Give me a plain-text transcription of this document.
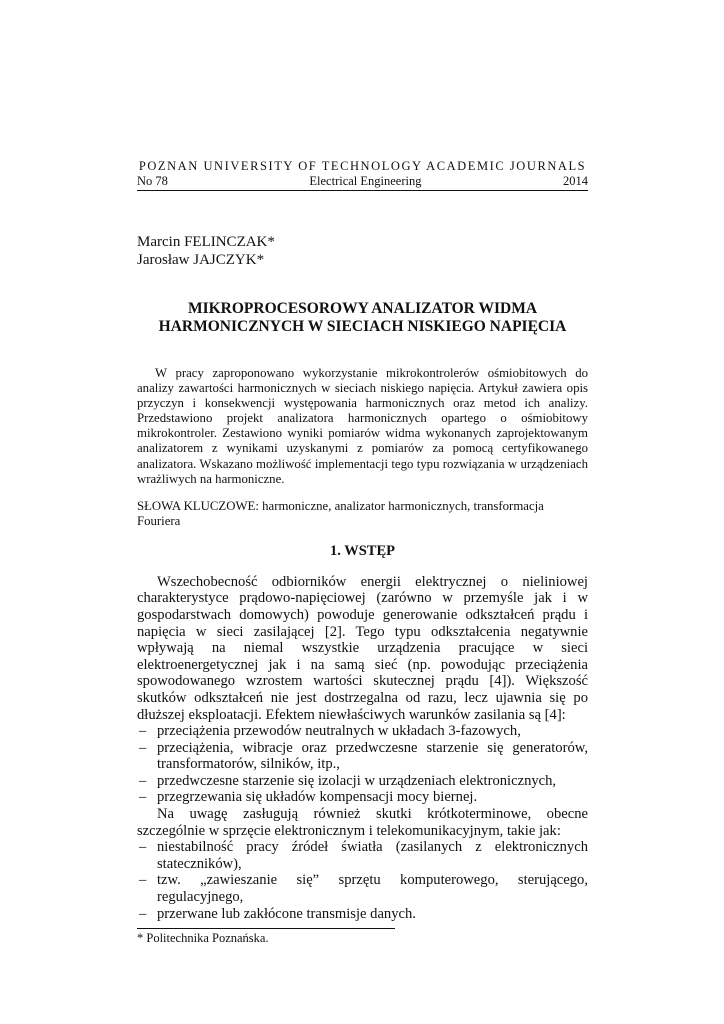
POZNAN UNIVERSITY OF TECHNOLOGY ACADEMIC JOURNALS
No 78	Electrical Engineering	2014
Marcin FELINCZAK*
Jarosław JAJCZYK*
MIKROPROCESOROWY ANALIZATOR WIDMA
HARMONICZNYCH W SIECIACH NISKIEGO NAPIĘCIA
W pracy zaproponowano wykorzystanie mikrokontrolerów ośmiobitowych do analizy zawartości harmonicznych w sieciach niskiego napięcia. Artykuł zawiera opis przyczyn i konsekwencji występowania harmonicznych oraz metod ich analizy. Przedstawiono projekt analizatora harmonicznych opartego o ośmiobitowy mikrokontroler. Zestawiono wyniki pomiarów widma wykonanych zaprojektowanym analizatorem z wynikami uzyskanymi z pomiarów za pomocą certyfikowanego analizatora. Wskazano możliwość implementacji tego typu rozwiązania w urządzeniach wrażliwych na harmoniczne.
SŁOWA KLUCZOWE: harmoniczne, analizator harmonicznych, transformacja Fouriera
1. WSTĘP

Wszechobecność odbiorników energii elektrycznej o nieliniowej charakterystyce prądowo-napięciowej (zarówno w przemyśle jak i w gospodarstwach domowych) powoduje generowanie odkształceń prądu i napięcia w sieci zasilającej [2]. Tego typu odkształcenia negatywnie wpływają na niemal wszystkie urządzenia pracujące w sieci elektroenergetycznej jak i na samą sieć (np. powodując przeciążenia spowodowanego wzrostem wartości skutecznej prądu [4]). Większość skutków odkształceń nie jest dostrzegalna od razu, lecz ujawnia się po dłuższej eksploatacji. Efektem niewłaściwych warunków zasilania są [4]:

– przeciążenia przewodów neutralnych w układach 3-fazowych,
– przeciążenia, wibracje oraz przedwczesne starzenie się generatorów, transformatorów, silników, itp.,
– przedwczesne starzenie się izolacji w urządzeniach elektronicznych,
– przegrzewania się układów kompensacji mocy biernej.

Na uwagę zasługują również skutki krótkoterminowe, obecne szczególnie w sprzęcie elektronicznym i telekomunikacyjnym, takie jak:

– niestabilność pracy źródeł światła (zasilanych z elektronicznych stateczników),
– tzw. „zawieszanie się” sprzętu komputerowego, sterującego, regulacyjnego,
– przerwane lub zakłócone transmisje danych.
* Politechnika Poznańska.
